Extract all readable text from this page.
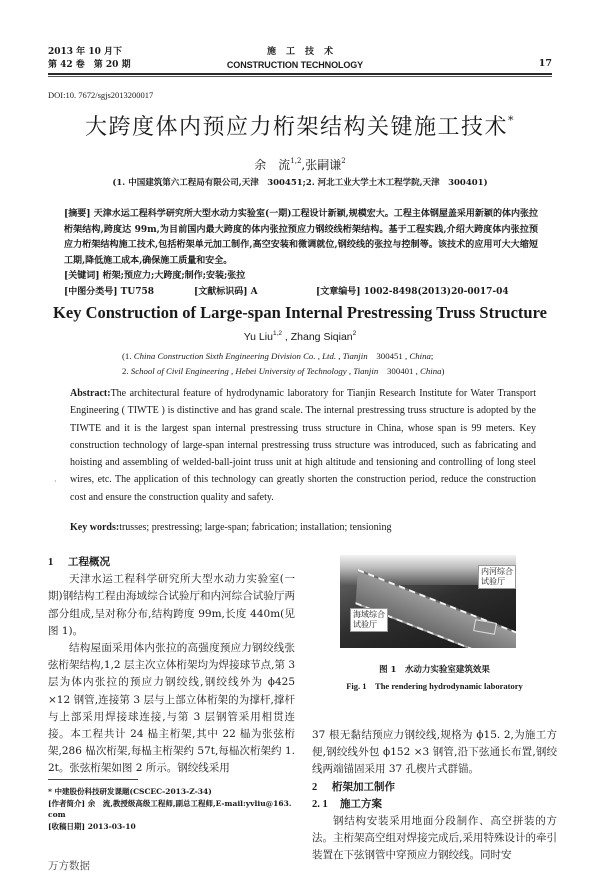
2013 年 10 月下
第 42 卷　第 20 期
施工技术
CONSTRUCTION TECHNOLOGY	17
DOI:10. 7672/sgjs2013200017
大跨度体内预应力桁架结构关键施工技术*
余　流$^{1,2}$,张嗣谦$^2$
(1. 中国建筑第六工程局有限公司,天津　300451;2. 河北工业大学土木工程学院,天津　300401)
[摘要] 天津水运工程科学研究所大型水动力实验室(一期)工程设计新颖,规模宏大。工程主体钢屋盖采用新颖的体内张拉桁架结构,跨度达 99m,为目前国内最大跨度的体内张拉预应力钢绞线桁架结构。基于工程实践,介绍大跨度体内张拉预应力桁架结构施工技术,包括桁架单元加工制作,高空安装和微调就位,钢绞线的张拉与控制等。该技术的应用可大大缩短工期,降低施工成本,确保施工质量和安全。
[关键词] 桁架;预应力;大跨度;制作;安装;张拉
[中图分类号] TU758	[文献标识码] A	[文章编号] 1002-8498(2013)20-0017-04
Key Construction of Large-span Internal Prestressing Truss Structure
Yu Liu$^{1,2}$ , Zhang Siqian$^2$
(1. China Construction Sixth Engineering Division Co. , Ltd. , Tianjin　300451 , China;
2. School of Civil Engineering , Hebei University of Technology , Tianjin　300401 , China)
Abstract:The architectural feature of hydrodynamic laboratory for Tianjin Research Institute for Water Transport Engineering ( TIWTE ) is distinctive and has grand scale. The internal prestressing truss structure is adopted by the TIWTE and it is the largest span internal prestressing truss structure in China, whose span is 99 meters. Key construction technology of large-span internal prestressing truss structure was introduced, such as fabricating and hoisting and assembling of welded-ball-joint truss unit at high altitude and tensioning and controlling of long steel wires, etc. The application of this technology can greatly shorten the construction period, reduce the construction cost and ensure the construction quality and safety.
·
Key words:trusses; prestressing; large-span; fabrication; installation; tensioning
1 工程概况
天津水运工程科学研究所大型水动力实验室(一期)钢结构工程由海域综合试验厅和内河综合试验厅两部分组成,呈对称分布,结构跨度 99m,长度 440m(见图 1)。
结构屋面采用体内张拉的高强度预应力钢绞线张弦桁架结构,1,2 层主次立体桁架均为焊接球节点,第 3 层为体内张拉的预应力钢绞线,钢绞线外为 ϕ425 ×12 钢管,连接第 3 层与上部立体桁架的为撑杆,撑杆与上部采用焊接球连接,与第 3 层钢管采用相贯连接。本工程共计 24 榀主桁架,其中 22 榀为张弦桁架,286 榀次桁架,每榀主桁架约 57t,每榀次桁架约 1. 2t。张弦桁架如图 2 所示。钢绞线采用
内河综合试验厅
海域综合试验厅
图 1　水动力实验室建筑效果
Fig. 1　The rendering hydrodynamic laboratory
37 根无黏结预应力钢绞线,规格为 ϕ15. 2,为施工方便,钢绞线外包 ϕ152 ×3 钢管,沿下弦通长布置,钢绞线两端锚固采用 37 孔楔片式群锚。
2 桁架加工制作
2. 1 施工方案
钢结构安装采用地面分段制作、高空拼装的方法。主桁架高空组对焊接完成后,采用特殊设计的牵引装置在下弦钢管中穿预应力钢绞线。同时安
* 中建股份科技研发课题(CSCEC-2013-Z-34)
[作者简介] 余　流,教授级高级工程师,副总工程师,E-mail:yvliu@163. com
[收稿日期] 2013-03-10
万方数据
